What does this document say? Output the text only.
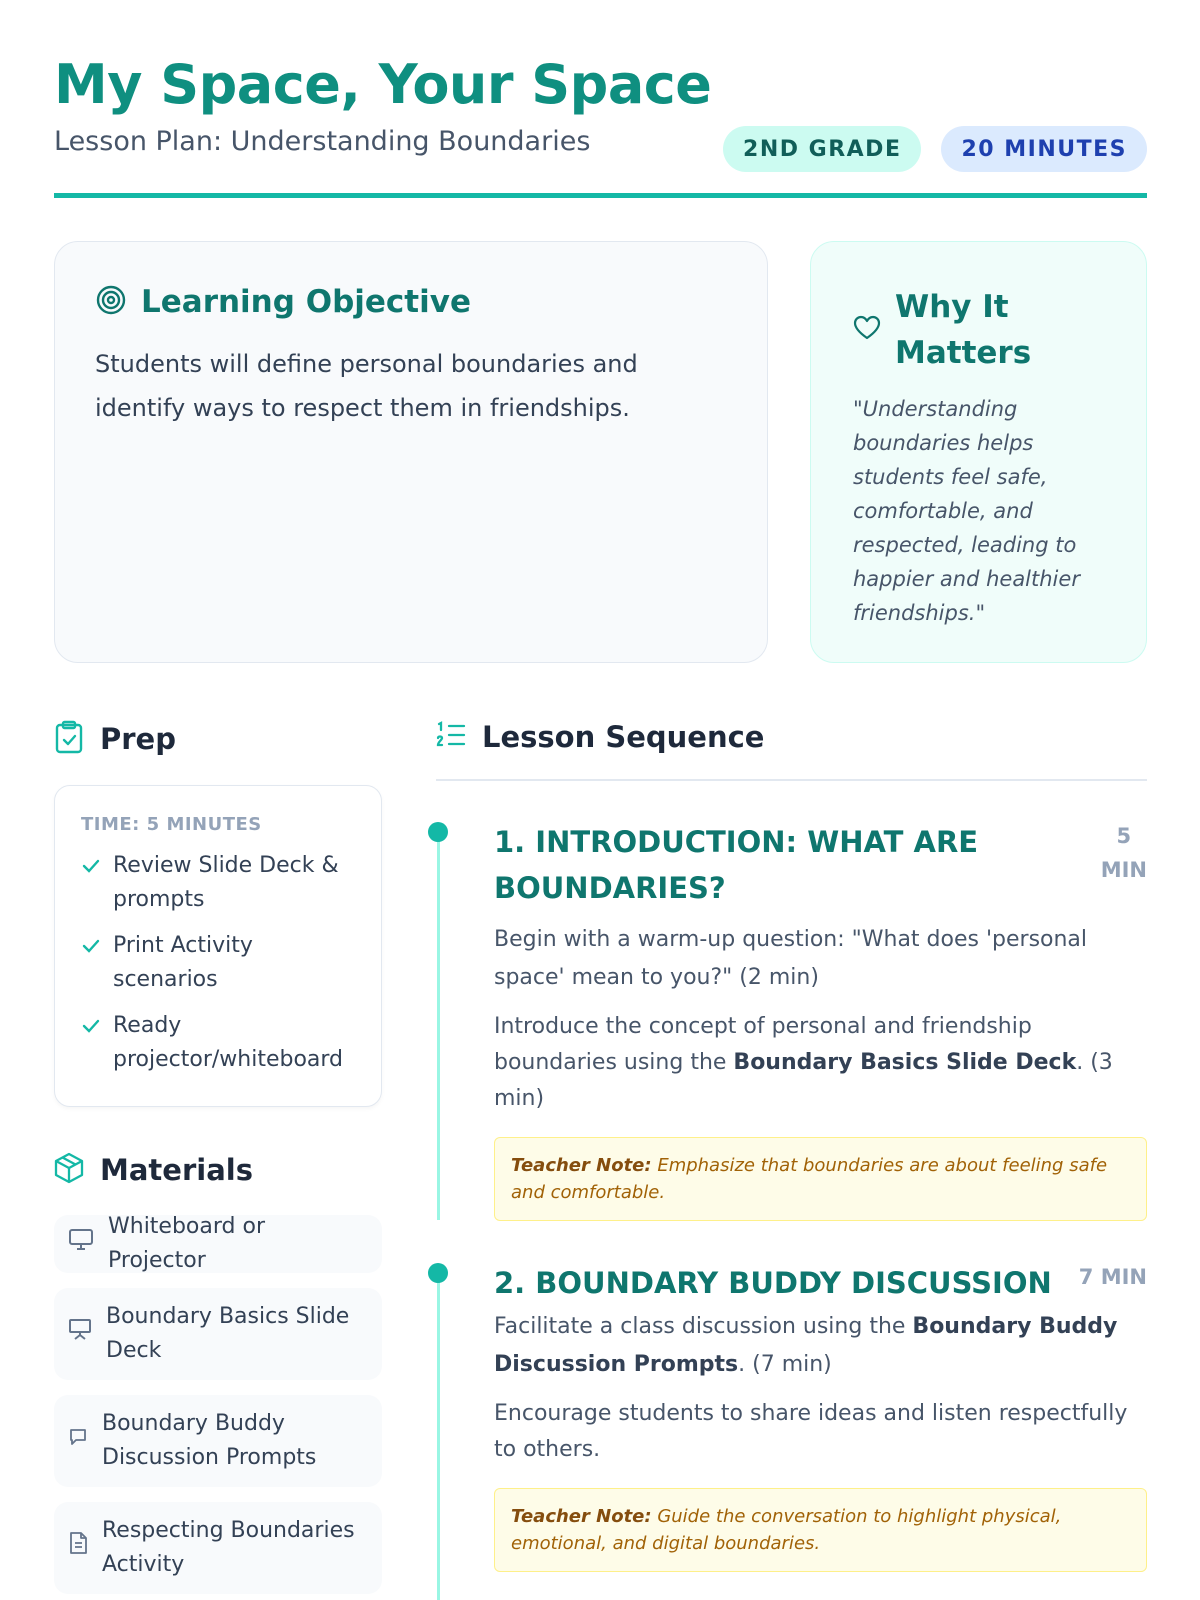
My Space, Your Space
Lesson Plan: Understanding Boundaries	2ND GRADE	20 MINUTES
Learning Objective

Students will define personal boundaries and identify ways to respect them in friendships.

Why It Matters

"Understanding boundaries helps students feel safe, comfortable, and respected, leading to happier and healthier friendships."

Prep
TIME: 5 MINUTES
Review Slide Deck & prompts
Print Activity scenarios
Ready projector/whiteboard
Materials
Whiteboard or Projector
Boundary Basics Slide Deck
Boundary Buddy Discussion Prompts
Respecting Boundaries Activity
Lesson Sequence
1. INTRODUCTION: WHAT ARE BOUNDARIES?
5
MIN

Begin with a warm-up question: "What does 'personal space' mean to you?" (2 min)

Introduce the concept of personal and friendship boundaries using the Boundary Basics Slide Deck. (3 min)

Teacher Note: Emphasize that boundaries are about feeling safe and comfortable.
2. BOUNDARY BUDDY DISCUSSION 7 MIN

Facilitate a class discussion using the Boundary Buddy Discussion Prompts. (7 min)

Encourage students to share ideas and listen respectfully to others.

Teacher Note: Guide the conversation to highlight physical, emotional, and digital boundaries.
